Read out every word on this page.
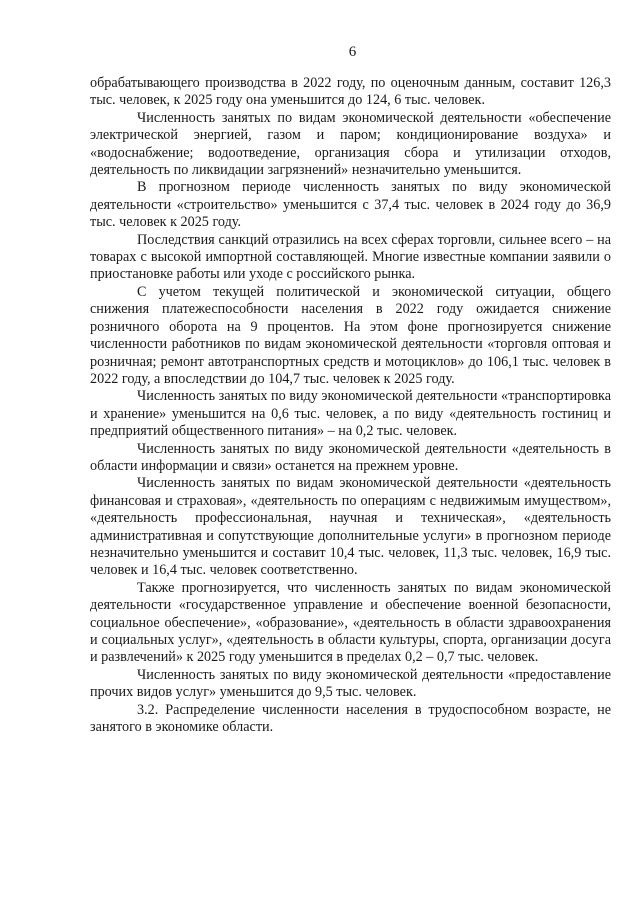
6

обрабатывающего производства в 2022 году, по оценочным данным, составит 126,3 тыс. человек, к 2025 году она уменьшится до 124, 6 тыс. человек.

Численность занятых по видам экономической деятельности «обеспечение электрической энергией, газом и паром; кондиционирование воздуха» и «водоснабжение; водоотведение, организация сбора и утилизации отходов, деятельность по ликвидации загрязнений» незначительно уменьшится.

В прогнозном периоде численность занятых по виду экономической деятельности «строительство» уменьшится с 37,4 тыс. человек в 2024 году до 36,9 тыс. человек к 2025 году.

Последствия санкций отразились на всех сферах торговли, сильнее всего – на товарах с высокой импортной составляющей. Многие известные компании заявили о приостановке работы или уходе с российского рынка.

С учетом текущей политической и экономической ситуации, общего снижения платежеспособности населения в 2022 году ожидается снижение розничного оборота на 9 процентов. На этом фоне прогнозируется снижение численности работников по видам экономической деятельности «торговля оптовая и розничная; ремонт автотранспортных средств и мотоциклов» до 106,1 тыс. человек в 2022 году, а впоследствии до 104,7 тыс. человек к 2025 году.

Численность занятых по виду экономической деятельности «транспортировка и хранение» уменьшится на 0,6 тыс. человек, а по виду «деятельность гостиниц и предприятий общественного питания» – на 0,2 тыс. человек.

Численность занятых по виду экономической деятельности «деятельность в области информации и связи» останется на прежнем уровне.

Численность занятых по видам экономической деятельности «деятельность финансовая и страховая», «деятельность по операциям с недвижимым имуществом», «деятельность профессиональная, научная и техническая», «деятельность административная и сопутствующие дополнительные услуги» в прогнозном периоде незначительно уменьшится и составит 10,4 тыс. человек, 11,3 тыс. человек, 16,9 тыс. человек и 16,4 тыс. человек соответственно.

Также прогнозируется, что численность занятых по видам экономической деятельности «государственное управление и обеспечение военной безопасности, социальное обеспечение», «образование», «деятельность в области здравоохранения и социальных услуг», «деятельность в области культуры, спорта, организации досуга и развлечений» к 2025 году уменьшится в пределах 0,2 – 0,7 тыс. человек.

Численность занятых по виду экономической деятельности «предоставление прочих видов услуг» уменьшится до 9,5 тыс. человек.

3.2. Распределение численности населения в трудоспособном возрасте, не занятого в экономике области.
